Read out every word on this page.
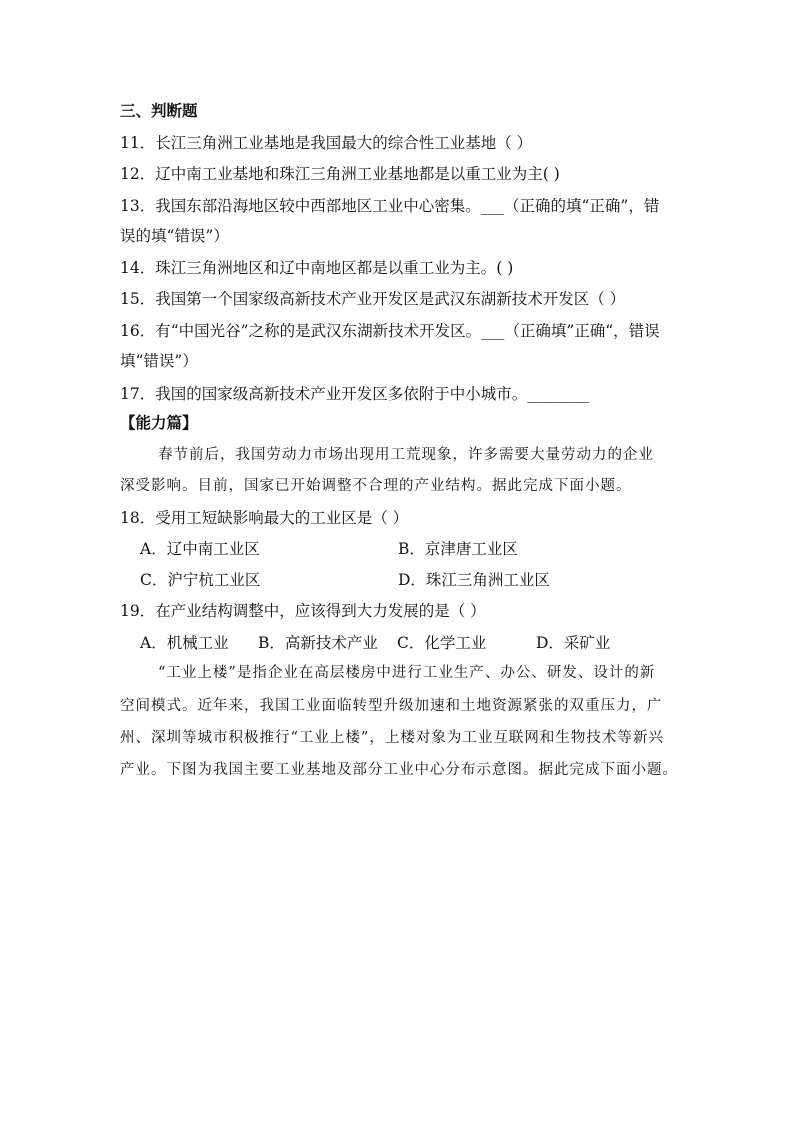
三、判断题
11．长江三角洲工业基地是我国最大的综合性工业基地（ ）
12．辽中南工业基地和珠江三角洲工业基地都是以重工业为主( )
13．我国东部沿海地区较中西部地区工业中心密集。___（正确的填“正确”，错
误的填“错误”）
14．珠江三角洲地区和辽中南地区都是以重工业为主。( )
15．我国第一个国家级高新技术产业开发区是武汉东湖新技术开发区（ ）
16．有“中国光谷”之称的是武汉东湖新技术开发区。___（正确填”正确“，错误
填“错误”）
17．我国的国家级高新技术产业开发区多依附于中小城市。________
【能力篇】
春节前后，我国劳动力市场出现用工荒现象，许多需要大量劳动力的企业
深受影响。目前，国家已开始调整不合理的产业结构。据此完成下面小题。
18．受用工短缺影响最大的工业区是（ ）
A．辽中南工业区	B．京津唐工业区
C．沪宁杭工业区	D．珠江三角洲工业区
19．在产业结构调整中，应该得到大力发展的是（ ）
A．机械工业 B．高新技术产业 C．化学工业	D．采矿业
“工业上楼”是指企业在高层楼房中进行工业生产、办公、研发、设计的新
空间模式。近年来，我国工业面临转型升级加速和土地资源紧张的双重压力，广
州、深圳等城市积极推行“工业上楼”，上楼对象为工业互联网和生物技术等新兴
产业。下图为我国主要工业基地及部分工业中心分布示意图。据此完成下面小题。
